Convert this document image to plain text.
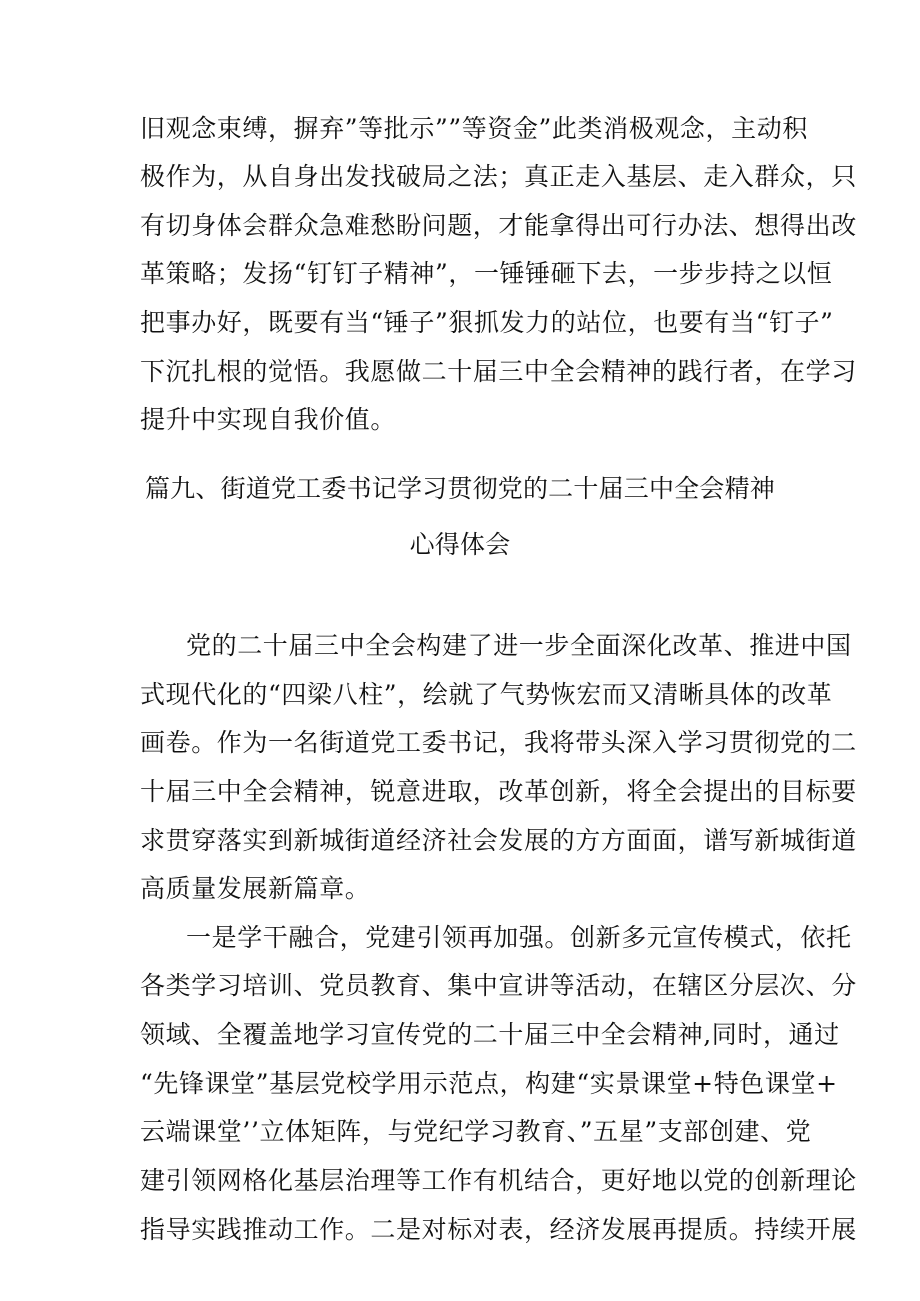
旧观念束缚，摒弃”等批示””等资金”此类消极观念，主动积
极作为，从自身出发找破局之法；真正走入基层、走入群众，只
有切身体会群众急难愁盼问题，才能拿得出可行办法、想得出改
革策略；发扬“钉钉子精神”，一锤锤砸下去，一步步持之以恒
把事办好，既要有当“锤子”狠抓发力的站位，也要有当“钉子”
下沉扎根的觉悟。我愿做二十届三中全会精神的践行者，在学习
提升中实现自我价值。
篇九、街道党工委书记学习贯彻党的二十届三中全会精神
心得体会
党的二十届三中全会构建了进一步全面深化改革、推进中国
式现代化的“四梁八柱”，绘就了气势恢宏而又清晰具体的改革
画卷。作为一名街道党工委书记，我将带头深入学习贯彻党的二
十届三中全会精神，锐意进取，改革创新，将全会提出的目标要
求贯穿落实到新城街道经济社会发展的方方面面，谱写新城街道
高质量发展新篇章。
一是学干融合，党建引领再加强。创新多元宣传模式，依托
各类学习培训、党员教育、集中宣讲等活动，在辖区分层次、分
领域、全覆盖地学习宣传党的二十届三中全会精神,同时，通过
“先锋课堂”基层党校学用示范点，构建“实景课堂+特色课堂+
云端课堂’’立体矩阵，与党纪学习教育、”五星”支部创建、党
建引领网格化基层治理等工作有机结合，更好地以党的创新理论
指导实践推动工作。二是对标对表，经济发展再提质。持续开展
